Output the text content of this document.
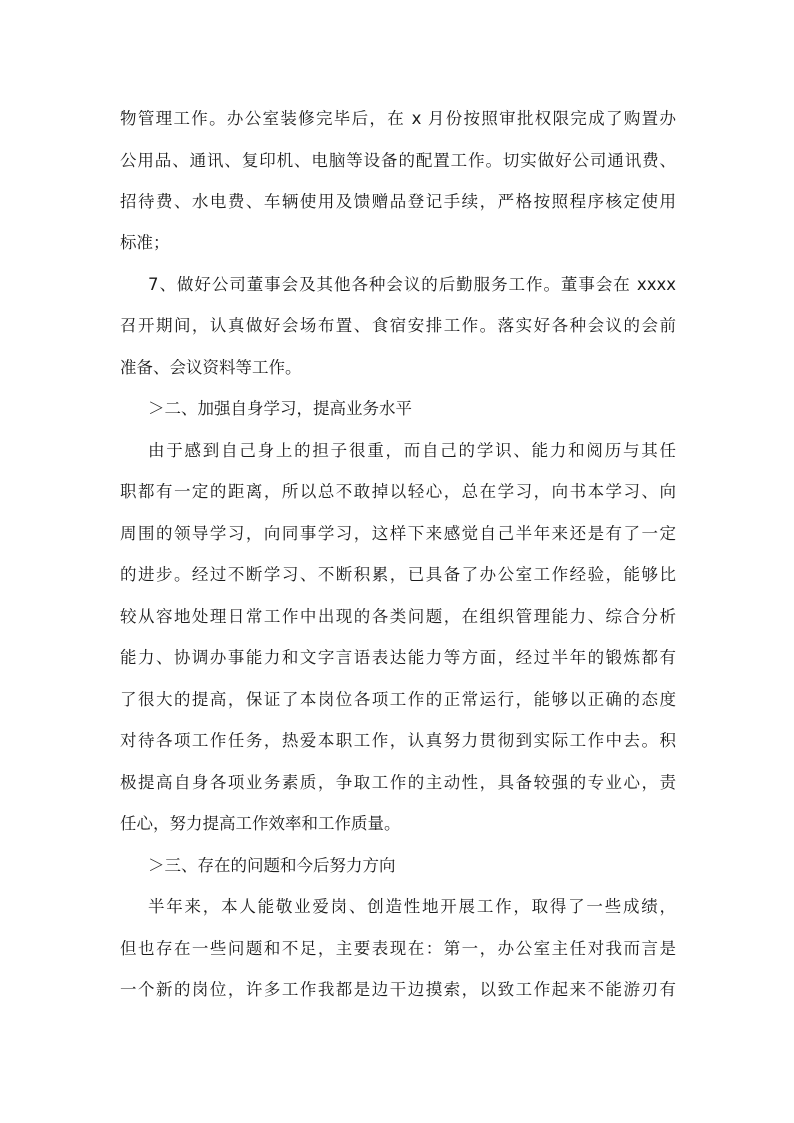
物管理工作。办公室装修完毕后，在 x 月份按照审批权限完成了购置办
公用品、通讯、复印机、电脑等设备的配置工作。切实做好公司通讯费、
招待费、水电费、车辆使用及馈赠品登记手续，严格按照程序核定使用
标准；
7、做好公司董事会及其他各种会议的后勤服务工作。董事会在 xxxx
召开期间，认真做好会场布置、食宿安排工作。落实好各种会议的会前
准备、会议资料等工作。
＞二、加强自身学习，提高业务水平
由于感到自己身上的担子很重，而自己的学识、能力和阅历与其任
职都有一定的距离，所以总不敢掉以轻心，总在学习，向书本学习、向
周围的领导学习，向同事学习，这样下来感觉自己半年来还是有了一定
的进步。经过不断学习、不断积累，已具备了办公室工作经验，能够比
较从容地处理日常工作中出现的各类问题，在组织管理能力、综合分析
能力、协调办事能力和文字言语表达能力等方面，经过半年的锻炼都有
了很大的提高，保证了本岗位各项工作的正常运行，能够以正确的态度
对待各项工作任务，热爱本职工作，认真努力贯彻到实际工作中去。积
极提高自身各项业务素质，争取工作的主动性，具备较强的专业心，责
任心，努力提高工作效率和工作质量。
＞三、存在的问题和今后努力方向
半年来，本人能敬业爱岗、创造性地开展工作，取得了一些成绩，
但也存在一些问题和不足，主要表现在：第一，办公室主任对我而言是
一个新的岗位，许多工作我都是边干边摸索，以致工作起来不能游刃有
